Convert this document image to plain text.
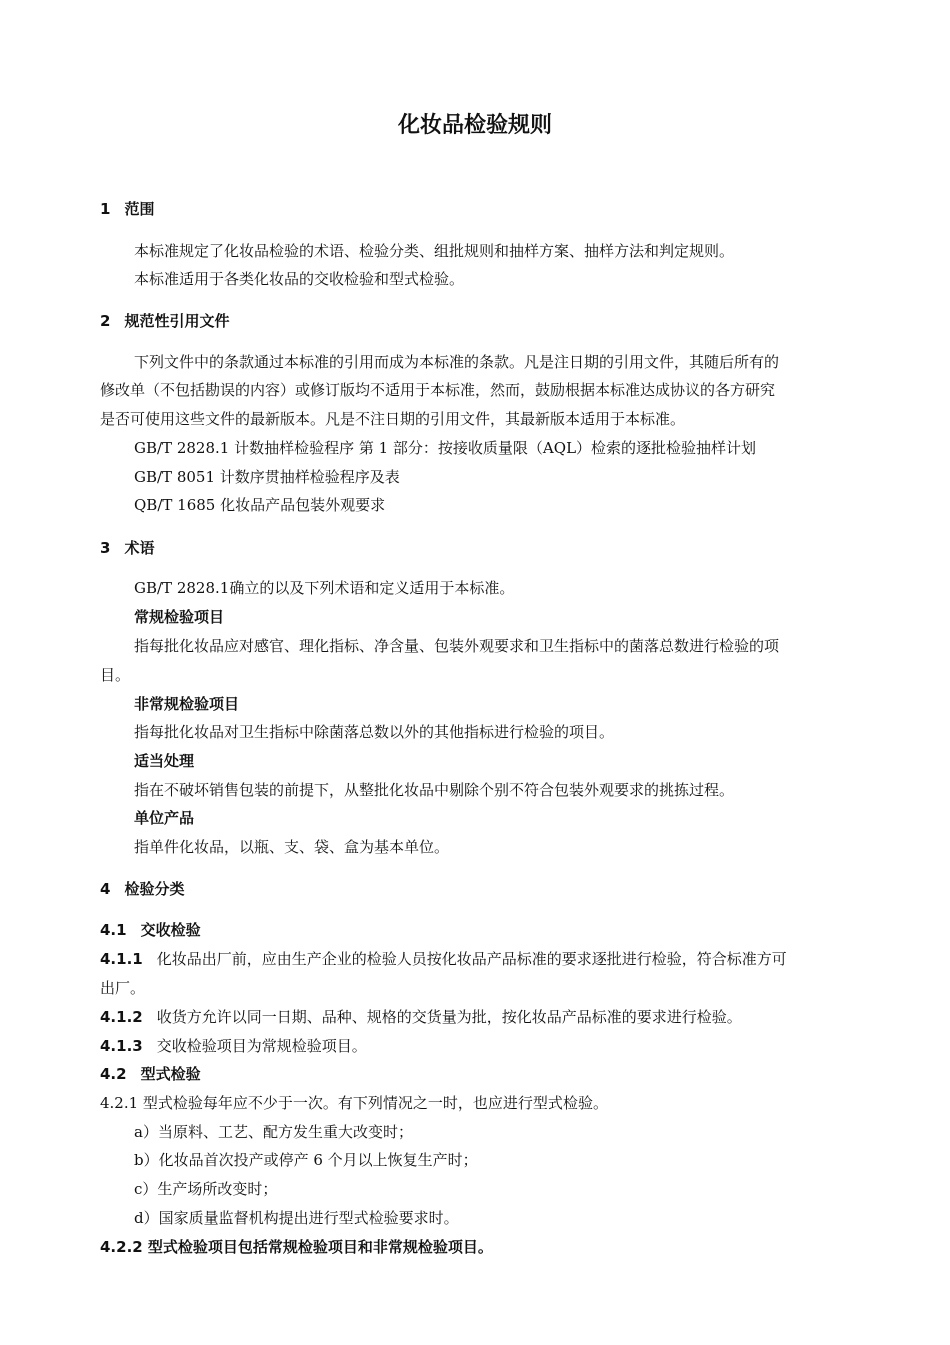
化妆品检验规则
1 范围
本标准规定了化妆品检验的术语、检验分类、组批规则和抽样方案、抽样方法和判定规则。
本标准适用于各类化妆品的交收检验和型式检验。
2 规范性引用文件
下列文件中的条款通过本标准的引用而成为本标准的条款。凡是注日期的引用文件，其随后所有的
修改单（不包括勘误的内容）或修订版均不适用于本标准，然而，鼓励根据本标准达成协议的各方研究
是否可使用这些文件的最新版本。凡是不注日期的引用文件，其最新版本适用于本标准。
GB/T 2828.1 计数抽样检验程序 第 1 部分：按接收质量限（AQL）检索的逐批检验抽样计划
GB/T 8051 计数序贯抽样检验程序及表
QB/T 1685 化妆品产品包装外观要求
3 术语
GB/T 2828.1确立的以及下列术语和定义适用于本标准。
常规检验项目
指每批化妆品应对感官、理化指标、净含量、包装外观要求和卫生指标中的菌落总数进行检验的项
目。
非常规检验项目
指每批化妆品对卫生指标中除菌落总数以外的其他指标进行检验的项目。
适当处理
指在不破坏销售包装的前提下，从整批化妆品中剔除个别不符合包装外观要求的挑拣过程。
单位产品
指单件化妆品，以瓶、支、袋、盒为基本单位。
4 检验分类
4.1 交收检验
4.1.1 化妆品出厂前，应由生产企业的检验人员按化妆品产品标准的要求逐批进行检验，符合标准方可
出厂。
4.1.2 收货方允许以同一日期、品种、规格的交货量为批，按化妆品产品标准的要求进行检验。
4.1.3 交收检验项目为常规检验项目。
4.2 型式检验
4.2.1 型式检验每年应不少于一次。有下列情况之一时，也应进行型式检验。
a）当原料、工艺、配方发生重大改变时；
b）化妆品首次投产或停产 6 个月以上恢复生产时；
c）生产场所改变时；
d）国家质量监督机构提出进行型式检验要求时。
4.2.2 型式检验项目包括常规检验项目和非常规检验项目。
